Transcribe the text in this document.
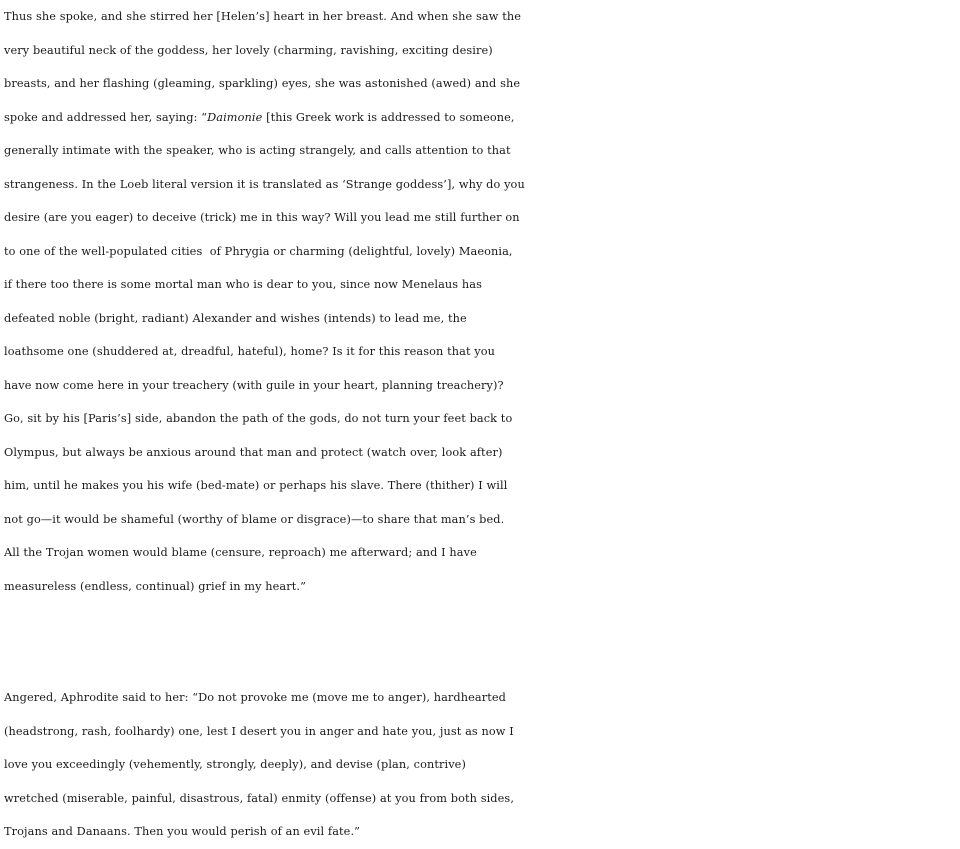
Thus she spoke, and she stirred her [Helen’s] heart in her breast. And when she saw the
very beautiful neck of the goddess, her lovely (charming, ravishing, exciting desire)
breasts, and her flashing (gleaming, sparkling) eyes, she was astonished (awed) and she
spoke and addressed her, saying: “Daimonie [this Greek work is addressed to someone,
generally intimate with the speaker, who is acting strangely, and calls attention to that
strangeness. In the Loeb literal version it is translated as ‘Strange goddess’], why do you
desire (are you eager) to deceive (trick) me in this way? Will you lead me still further on
to one of the well-populated cities  of Phrygia or charming (delightful, lovely) Maeonia,
if there too there is some mortal man who is dear to you, since now Menelaus has
defeated noble (bright, radiant) Alexander and wishes (intends) to lead me, the
loathsome one (shuddered at, dreadful, hateful), home? Is it for this reason that you
have now come here in your treachery (with guile in your heart, planning treachery)?
Go, sit by his [Paris’s] side, abandon the path of the gods, do not turn your feet back to
Olympus, but always be anxious around that man and protect (watch over, look after)
him, until he makes you his wife (bed-mate) or perhaps his slave. There (thither) I will
not go—it would be shameful (worthy of blame or disgrace)—to share that man’s bed.
All the Trojan women would blame (censure, reproach) me afterward; and I have
measureless (endless, continual) grief in my heart.”
Angered, Aphrodite said to her: “Do not provoke me (move me to anger), hardhearted
(headstrong, rash, foolhardy) one, lest I desert you in anger and hate you, just as now I
love you exceedingly (vehemently, strongly, deeply), and devise (plan, contrive)
wretched (miserable, painful, disastrous, fatal) enmity (offense) at you from both sides,
Trojans and Danaans. Then you would perish of an evil fate.”
